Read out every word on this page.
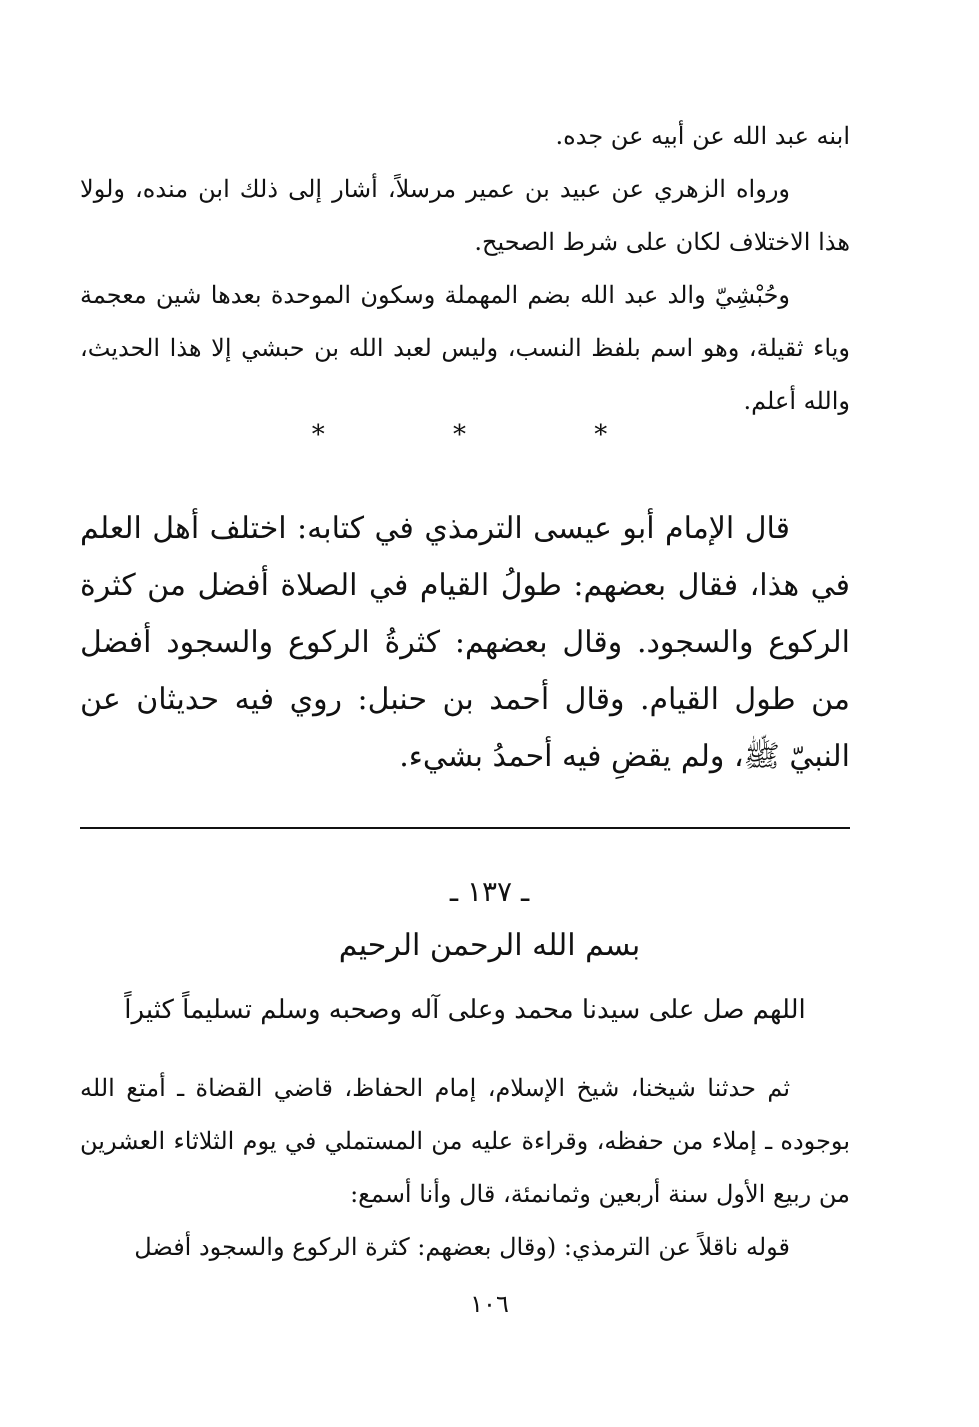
ابنه عبد الله عن أبيه عن جده.

ورواه الزهري عن عبيد بن عمير مرسلاً، أشار إلى ذلك ابن منده، ولولا هذا الاختلاف لكان على شرط الصحيح.

وحُبْشِيّ والد عبد الله بضم المهملة وسكون الموحدة بعدها شين معجمة وياء ثقيلة، وهو اسم بلفظ النسب، وليس لعبد الله بن حبشي إلا هذا الحديث، والله أعلم.

* * *

قال الإمام أبو عيسى الترمذي في كتابه: اختلف أهل العلم في هذا، فقال بعضهم: طولُ القيام في الصلاة أفضل من كثرة الركوع والسجود. وقال بعضهم: كثرةُ الركوع والسجود أفضل من طول القيام. وقال أحمد بن حنبل: روي فيه حديثان عن النبيّ ﷺ، ولم يقضِ فيه أحمدُ بشيء.

ـ ١٣٧ ـ
بسم الله الرحمن الرحيم
اللهم صل على سيدنا محمد وعلى آله وصحبه وسلم تسليماً كثيراً

ثم حدثنا شيخنا، شيخ الإسلام، إمام الحفاظ، قاضي القضاة ـ أمتع الله بوجوده ـ إملاء من حفظه، وقراءة عليه من المستملي في يوم الثلاثاء العشرين من ربيع الأول سنة أربعين وثمانمئة، قال وأنا أسمع:

قوله ناقلاً عن الترمذي: (وقال بعضهم: كثرة الركوع والسجود أفضل

١٠٦
